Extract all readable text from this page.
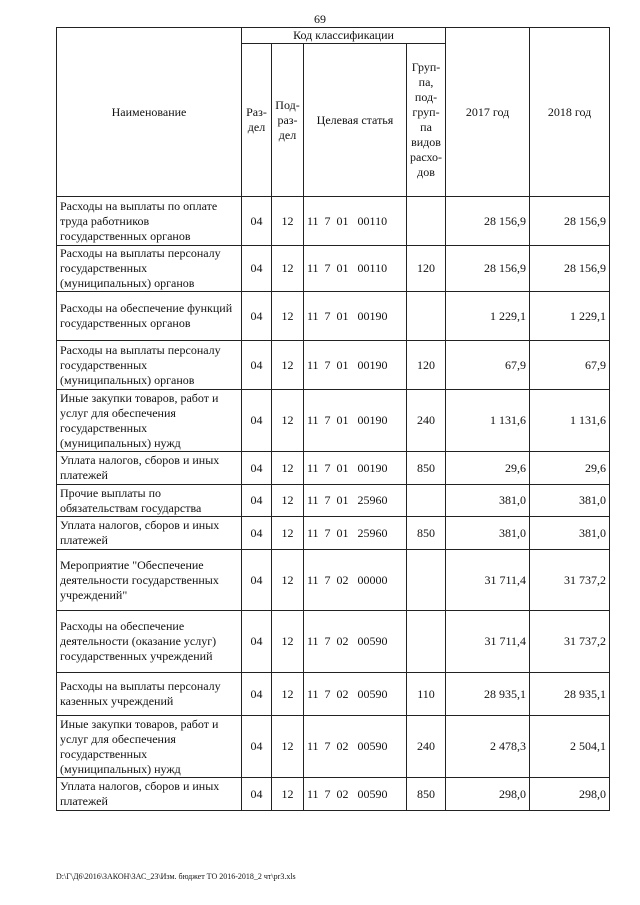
69
Наименование	Код классификации				2017 год	2018 год
	Раз-дел	Под-раз-дел	Целевая статья	Груп-па, под-груп-па видов расхо-дов		
Расходы на выплаты по оплате труда работников государственных органов	04	12	11  7  01   00110		28 156,9	28 156,9
Расходы на выплаты персоналу государственных (муниципальных) органов	04	12	11  7  01   00110	120	28 156,9	28 156,9
Расходы на обеспечение функций государственных органов	04	12	11  7  01   00190		1 229,1	1 229,1
Расходы на выплаты персоналу государственных (муниципальных) органов	04	12	11  7  01   00190	120	67,9	67,9
Иные закупки товаров, работ и услуг для обеспечения государственных (муниципальных) нужд	04	12	11  7  01   00190	240	1 131,6	1 131,6
Уплата налогов, сборов и иных платежей	04	12	11  7  01   00190	850	29,6	29,6
Прочие выплаты по обязательствам государства	04	12	11  7  01   25960		381,0	381,0
Уплата налогов, сборов и иных платежей	04	12	11  7  01   25960	850	381,0	381,0
Мероприятие "Обеспечение деятельности государственных учреждений"	04	12	11  7  02   00000		31 711,4	31 737,2
Расходы на обеспечение деятельности (оказание услуг) государственных учреждений	04	12	11  7  02   00590		31 711,4	31 737,2
Расходы на выплаты персоналу казенных учреждений	04	12	11  7  02   00590	110	28 935,1	28 935,1
Иные закупки товаров, работ и услуг для обеспечения государственных (муниципальных) нужд	04	12	11  7  02   00590	240	2 478,3	2 504,1
Уплата налогов, сборов и иных платежей	04	12	11  7  02   00590	850	298,0	298,0
D:\Г\Д6\2016\ЗАКОН\ЗАС_23\Изм. бюджет ТО 2016-2018_2 чт\pr3.xls
